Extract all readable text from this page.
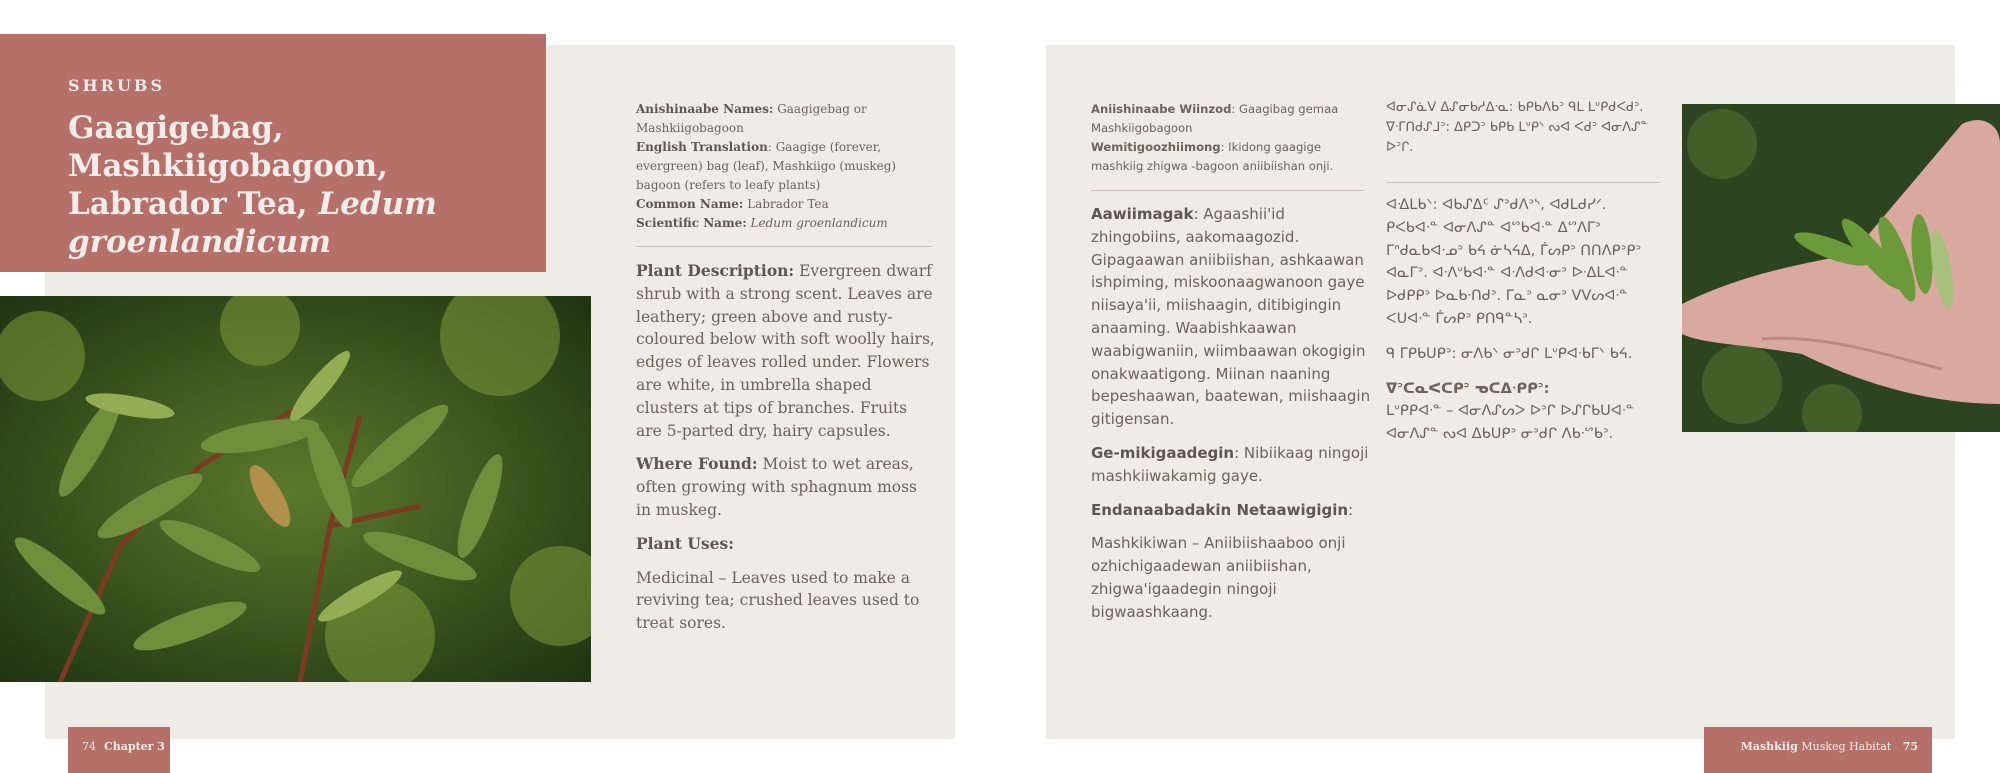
SHRUBS
Gaagigebag,
Mashkiigobagoon,
Labrador Tea, Ledum
groenlandicum
Anishinaabe Names: Gaagigebag or Mashkiigobagoon
English Translation: Gaagige (forever, evergreen) bag (leaf), Mashkiigo (muskeg) bagoon (refers to leafy plants)
Common Name: Labrador Tea
Scientific Name: Ledum groenlandicum

Plant Description: Evergreen dwarf shrub with a strong scent. Leaves are leathery; green above and rusty-coloured below with soft woolly hairs, edges of leaves rolled under. Flowers are white, in umbrella shaped clusters at tips of branches. Fruits are 5-parted dry, hairy capsules.

Where Found: Moist to wet areas, often growing with sphagnum moss in muskeg.

Plant Uses:

Medicinal – Leaves used to make a reviving tea; crushed leaves used to treat sores.

Aniishinaabe Wiinzod: Gaagibag gemaa Mashkiigobagoon
Wemitigoozhiimong: Ikidong gaagige mashkiig zhigwa -bagoon aniibiishan onji.

Aawiimagak: Agaashii'id zhingobiins, aakomaagozid. Gipagaawan aniibiishan, ashkaawan ishpiming, miskoonaagwanoon gaye niisaya'ii, miishaagin, ditibigingin anaaming. Waabishkaawan waabigwaniin, wiimbaawan okogigin onakwaatigong. Miinan naaning bepeshaawan, baatewan, miishaagin gitigensan.

Ge-mikigaadegin: Nibiikaag ningoji mashkiiwakamig gaye.

Endanaabadakin Netaawigigin:

Mashkikiwan – Aniibiishaaboo onji ozhichigaadewan aniibiishan, zhigwa'igaadegin ningoji bigwaashkaang.

ᐊᓂᔑᓈᐯ ᐃᔑᓂᑲᓱᐃᐧᓇ: ᑲᑭᑲᐱᑲᐣ ᑫᒪ ᒪᐡᑭᑯᐸᑯᐣ. ᐁᐧᒥᑎᑯᔑᒧᐣ: ᐃᑭᑐᐣ ᑲᑭᑲ ᒪᐡᑭᐠ ᔓᐊ ᐸᑯᐣ ᐊᓂᐱᔑᓐ ᐅᐣᒋ.

ᐊᐎᒪᑲᐠ: ᐊᑲᔑᐃᑦ ᔑᐣᑯᐱᐣᔅ, ᐊᑯᒪᑯᓯᐟ. ᑭᐸᑲᐊᐧᓐ ᐊᓂᐱᔑᓐ ᐊᔥᑲᐊᐧᓐ ᐃᔥᐱᒥᐣ ᒥᐢᑯᓇᑲᐊᐧᓄᐣ ᑲᔦ ᓃᓴᔦᐃ, ᒦᔕᑭᐣ ᑎᑎᐱᑭᐣᑭᐣ ᐊᓇᒥᐣ. ᐊᐧᐱᐡᑲᐊᐧᓐ ᐊᐧᐱᑯᐊᐧᓂᐣ ᐅᐧᐃᒪᐊᐧᓐ ᐅᑯᑭᑭᐣ ᐅᓇᑲᐧᑎᑯᐣ. ᒥᓇᐣ ᓇᓂᐣ ᐯᐯᔕᐊᐧᓐ ᐸᑌᐊᐧᓐ ᒦᔕᑭᐣ ᑭᑎᑫᓐᓴᐣ.

ᑫ ᒥᑭᑲᑌᑭᐣ: ᓂᐱᑲᐠ ᓂᐣᑯᒋ ᒪᐡᑭᐊᐧᑲᒥᐠ ᑲᔦ.

ᐁᐣᑕᓇᐸᑕᑭᐣ ᓀᑕᐃᐧᑭᑭᐣ:
ᒪᐡᑭᑭᐊᐧᓐ – ᐊᓂᐱᔑᔕᐳ ᐅᐣᒋ ᐅᔑᒋᑲᑌᐊᐧᓐ ᐊᓂᐱᔑᓐ ᔓᐊ ᐃᑲᑌᑭᐣ ᓂᐣᑯᒋ ᐱᑲᐧᔥᑲᐣ.

74 Chapter 3	Mashkiig Muskeg Habitat 75
